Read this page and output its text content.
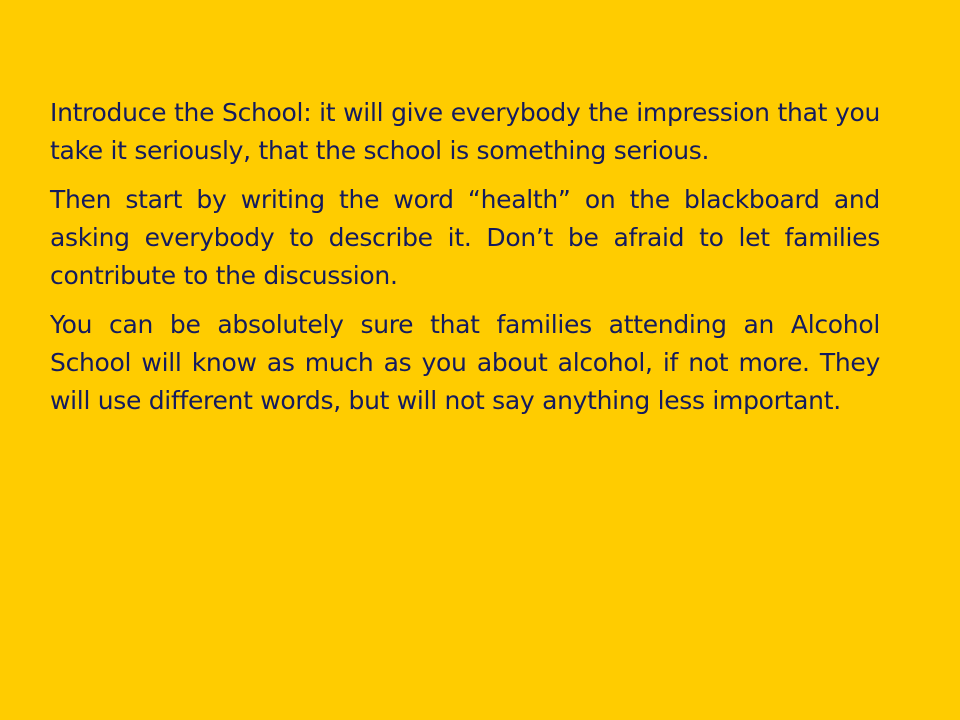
Introduce the School: it will give everybody the impression that you take it seriously, that the school is something serious.

Then start by writing the word “health” on the blackboard and asking everybody to describe it. Don’t be afraid to let families contribute to the discussion.

You can be absolutely sure that families attending an Alcohol School will know as much as you about alcohol, if not more. They will use different words, but will not say anything less important.
